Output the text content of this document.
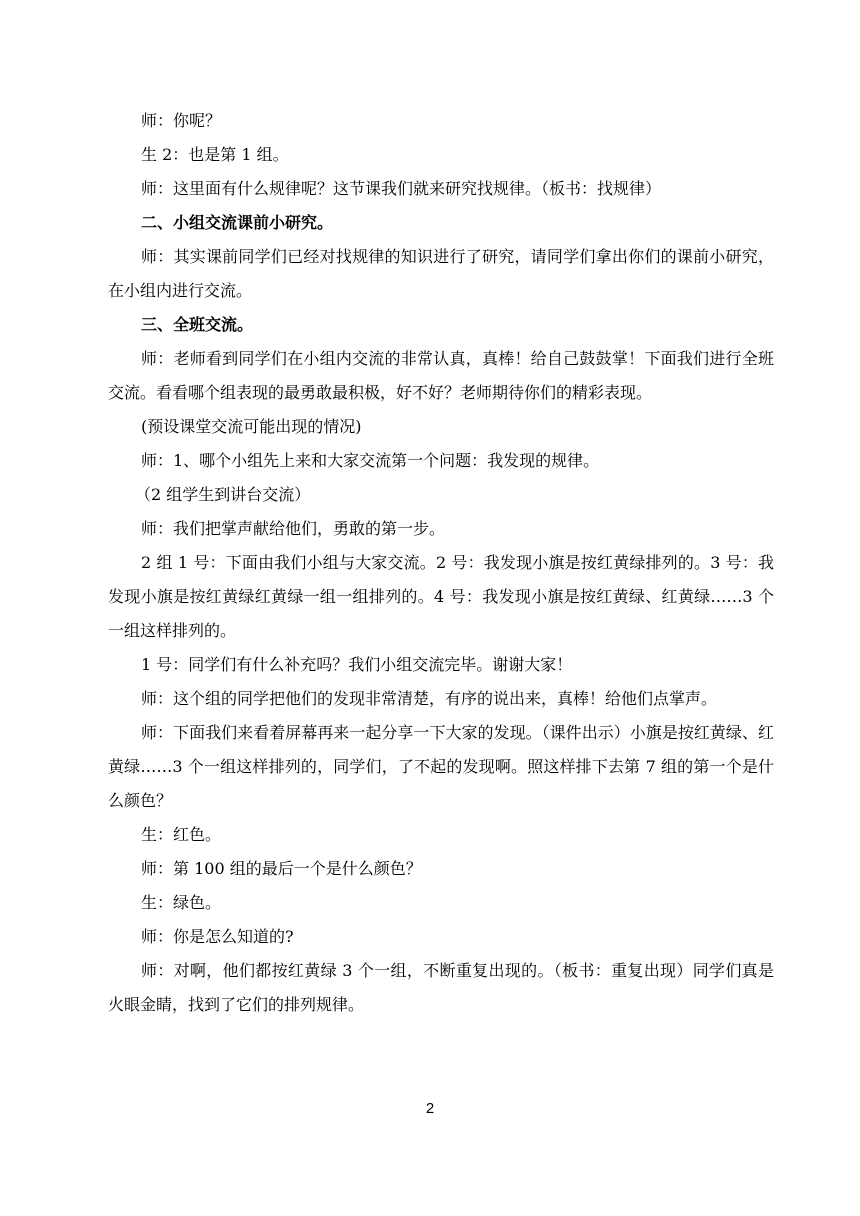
师：你呢？

生 2：也是第 1 组。

师：这里面有什么规律呢？这节课我们就来研究找规律。（板书：找规律）

二、小组交流课前小研究。

师：其实课前同学们已经对找规律的知识进行了研究，请同学们拿出你们的课前小研究，在小组内进行交流。

三、全班交流。

师：老师看到同学们在小组内交流的非常认真，真棒！给自己鼓鼓掌！下面我们进行全班交流。看看哪个组表现的最勇敢最积极，好不好？老师期待你们的精彩表现。

(预设课堂交流可能出现的情况)

师：1、哪个小组先上来和大家交流第一个问题：我发现的规律。

（2 组学生到讲台交流）

师：我们把掌声献给他们，勇敢的第一步。

2 组 1 号：下面由我们小组与大家交流。2 号：我发现小旗是按红黄绿排列的。3 号：我发现小旗是按红黄绿红黄绿一组一组排列的。4 号：我发现小旗是按红黄绿、红黄绿……3 个一组这样排列的。

1 号：同学们有什么补充吗？我们小组交流完毕。谢谢大家！

师：这个组的同学把他们的发现非常清楚，有序的说出来，真棒！给他们点掌声。

师：下面我们来看着屏幕再来一起分享一下大家的发现。（课件出示）小旗是按红黄绿、红黄绿……3 个一组这样排列的，同学们，了不起的发现啊。照这样排下去第 7 组的第一个是什么颜色？

生：红色。

师：第 100 组的最后一个是什么颜色？

生：绿色。

师：你是怎么知道的?

师：对啊，他们都按红黄绿 3 个一组，不断重复出现的。（板书：重复出现）同学们真是火眼金睛，找到了它们的排列规律。

2
